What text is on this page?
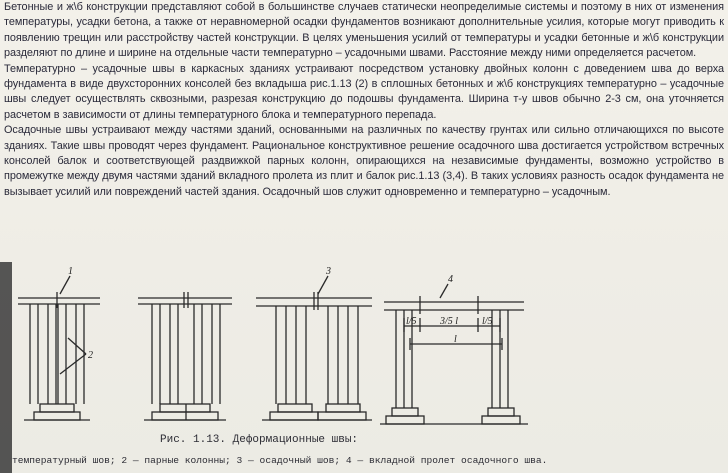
Бетонные и ж\б конструкции представляют собой в большинстве случаев статически неопределимые системы и поэтому в них от изменения температуры, усадки бетона, а также от неравномерной осадки фундаментов возникают дополнительные усилия, которые могут приводить к появлению трещин или расстройству частей конструкции. В целях уменьшения усилий от температуры и усадки бетонные и ж\б конструкции разделяют по длине и ширине на отдельные части температурно – усадочными швами. Расстояние между ними определяется расчетом.

Температурно – усадочные швы в каркасных зданиях устраивают посредством установку двойных колонн с доведением шва до верха фундамента в виде двухсторонних консолей без вкладыша рис.1.13 (2) в сплошных бетонных и ж\б конструкциях температурно – усадочные швы следует осуществлять сквозными, разрезая конструкцию до подошвы фундамента. Ширина т-у швов обычно 2-3 см, она уточняется расчетом в зависимости от длины температурного блока и температурного перепада.

Осадочные швы устраивают между частями зданий, основанными на различных по качеству грунтах или сильно отличающихся по высоте зданиях. Такие швы проводят через фундамент. Рациональное конструктивное решение осадочного шва достигается устройством встречных консолей балок и соответствующей раздвижкой парных колонн, опирающихся на независимые фундаменты, возможно устройство в промежутке между двумя частями зданий вкладного пролета из плит и балок рис.1.13 (3,4). В таких условиях разность осадок фундамента не вызывает усилий или повреждений частей здания. Осадочный шов служит одновременно и температурно – усадочным.

1
2
3
4
l/5 3/5 l l/5
l
Рис. 1.13. Деформационные швы:
температурный шов; 2 — парные колонны; 3 — осадочный шов; 4 — вкладной пролет осадочного шва.
